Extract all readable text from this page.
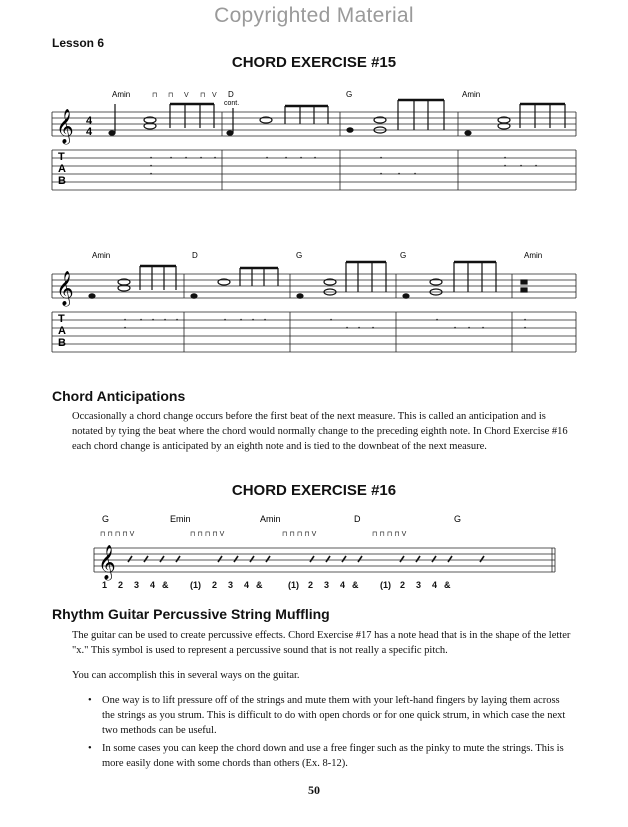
Copyrighted Material
Lesson 6
CHORD EXERCISE #15
Amin	D
cont.
G	Amin
⊓ ⊓ V ⊓ V
𝄞 4
4
T
A
B
•
•
•
• • • •	•	• • •	•
•	• •
•
• • •
Amin	D	G	G	Amin
𝄞
T
A
B
•
•
• • • •	• • • •	•
• • •
•
• • •
•
•
Chord Anticipations

Occasionally a chord change occurs before the first beat of the next measure. This is called an anticipation and is notated by tying the beat where the chord would normally change to the preceding eighth note. In Chord Exercise #16 each chord change is anticipated by an eighth note and is tied to the downbeat of the next measure.

CHORD EXERCISE #16
G	Emin	Amin	D	G
⊓ ⊓ ⊓ ⊓ V	⊓ ⊓ ⊓ ⊓ V	⊓ ⊓ ⊓ ⊓ V	⊓ ⊓ ⊓ ⊓ V
𝄞
1 2 3 4 & (1) 2 3 4 &	(1) 2 3 4 & (1) 2 3 4 &
Rhythm Guitar Percussive String Muffling

The guitar can be used to create percussive effects. Chord Exercise #17 has a note head that is in the shape of the letter "x." This symbol is used to represent a percussive sound that is not really a specific pitch.

You can accomplish this in several ways on the guitar.

• One way is to lift pressure off of the strings and mute them with your left-hand fingers by laying them across the strings as you strum. This is difficult to do with open chords or for one quick strum, in which case the next two methods can be useful.

• In some cases you can keep the chord down and use a free finger such as the pinky to mute the strings. This is more easily done with some chords than others (Ex. 8-12).

50
